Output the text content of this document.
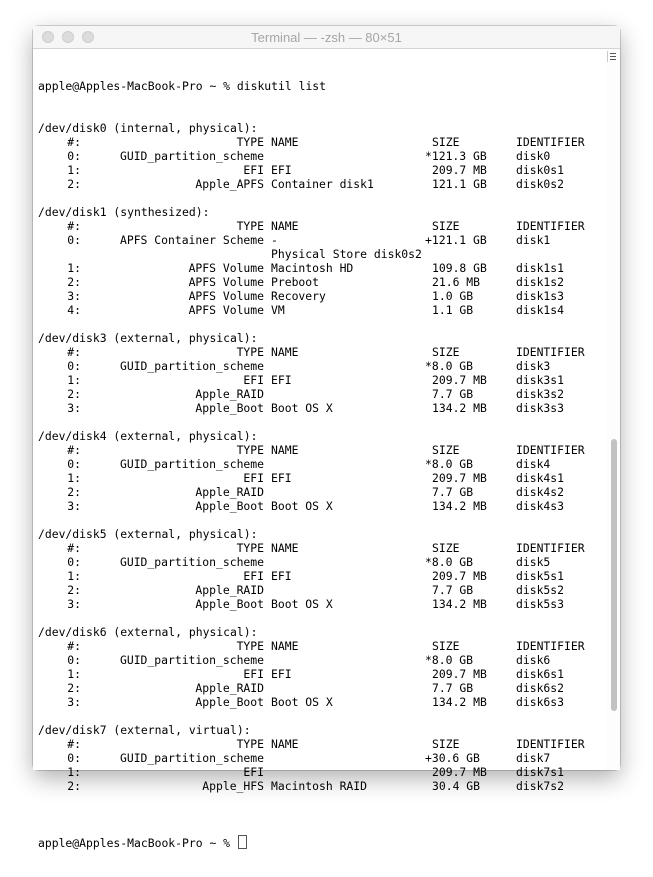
Terminal — -zsh — 80×51

apple@Apples-MacBook-Pro ~ % diskutil list

/dev/disk0 (internal, physical):
#:	TYPE NAME	SIZE	IDENTIFIER
0:	GUID_partition_scheme	*121.3 GB	disk0
1:	EFI EFI	209.7 MB	disk0s1
2:	Apple_APFS Container disk1	121.1 GB	disk0s2
/dev/disk1 (synthesized):
#:	TYPE NAME	SIZE	IDENTIFIER
0:	APFS Container Scheme -	+121.1 GB	disk1
Physical Store disk0s2
1:	APFS Volume Macintosh HD	109.8 GB	disk1s1
2:	APFS Volume Preboot	21.6 MB	disk1s2
3:	APFS Volume Recovery	1.0 GB	disk1s3
4:	APFS Volume VM	1.1 GB	disk1s4
/dev/disk3 (external, physical):
#:	TYPE NAME	SIZE	IDENTIFIER
0:	GUID_partition_scheme	*8.0 GB	disk3
1:	EFI EFI	209.7 MB	disk3s1
2:	Apple_RAID	7.7 GB	disk3s2
3:	Apple_Boot Boot OS X	134.2 MB	disk3s3
/dev/disk4 (external, physical):
#:	TYPE NAME	SIZE	IDENTIFIER
0:	GUID_partition_scheme	*8.0 GB	disk4
1:	EFI EFI	209.7 MB	disk4s1
2:	Apple_RAID	7.7 GB	disk4s2
3:	Apple_Boot Boot OS X	134.2 MB	disk4s3
/dev/disk5 (external, physical):
#:	TYPE NAME	SIZE	IDENTIFIER
0:	GUID_partition_scheme	*8.0 GB	disk5
1:	EFI EFI	209.7 MB	disk5s1
2:	Apple_RAID	7.7 GB	disk5s2
3:	Apple_Boot Boot OS X	134.2 MB	disk5s3
/dev/disk6 (external, physical):
#:	TYPE NAME	SIZE	IDENTIFIER
0:	GUID_partition_scheme	*8.0 GB	disk6
1:	EFI EFI	209.7 MB	disk6s1
2:	Apple_RAID	7.7 GB	disk6s2
3:	Apple_Boot Boot OS X	134.2 MB	disk6s3
/dev/disk7 (external, virtual):
#:	TYPE NAME	SIZE	IDENTIFIER
0:	GUID_partition_scheme	+30.6 GB	disk7
1:	EFI	209.7 MB	disk7s1
2:	Apple_HFS Macintosh RAID	30.4 GB	disk7s2

apple@Apples-MacBook-Pro ~ %
